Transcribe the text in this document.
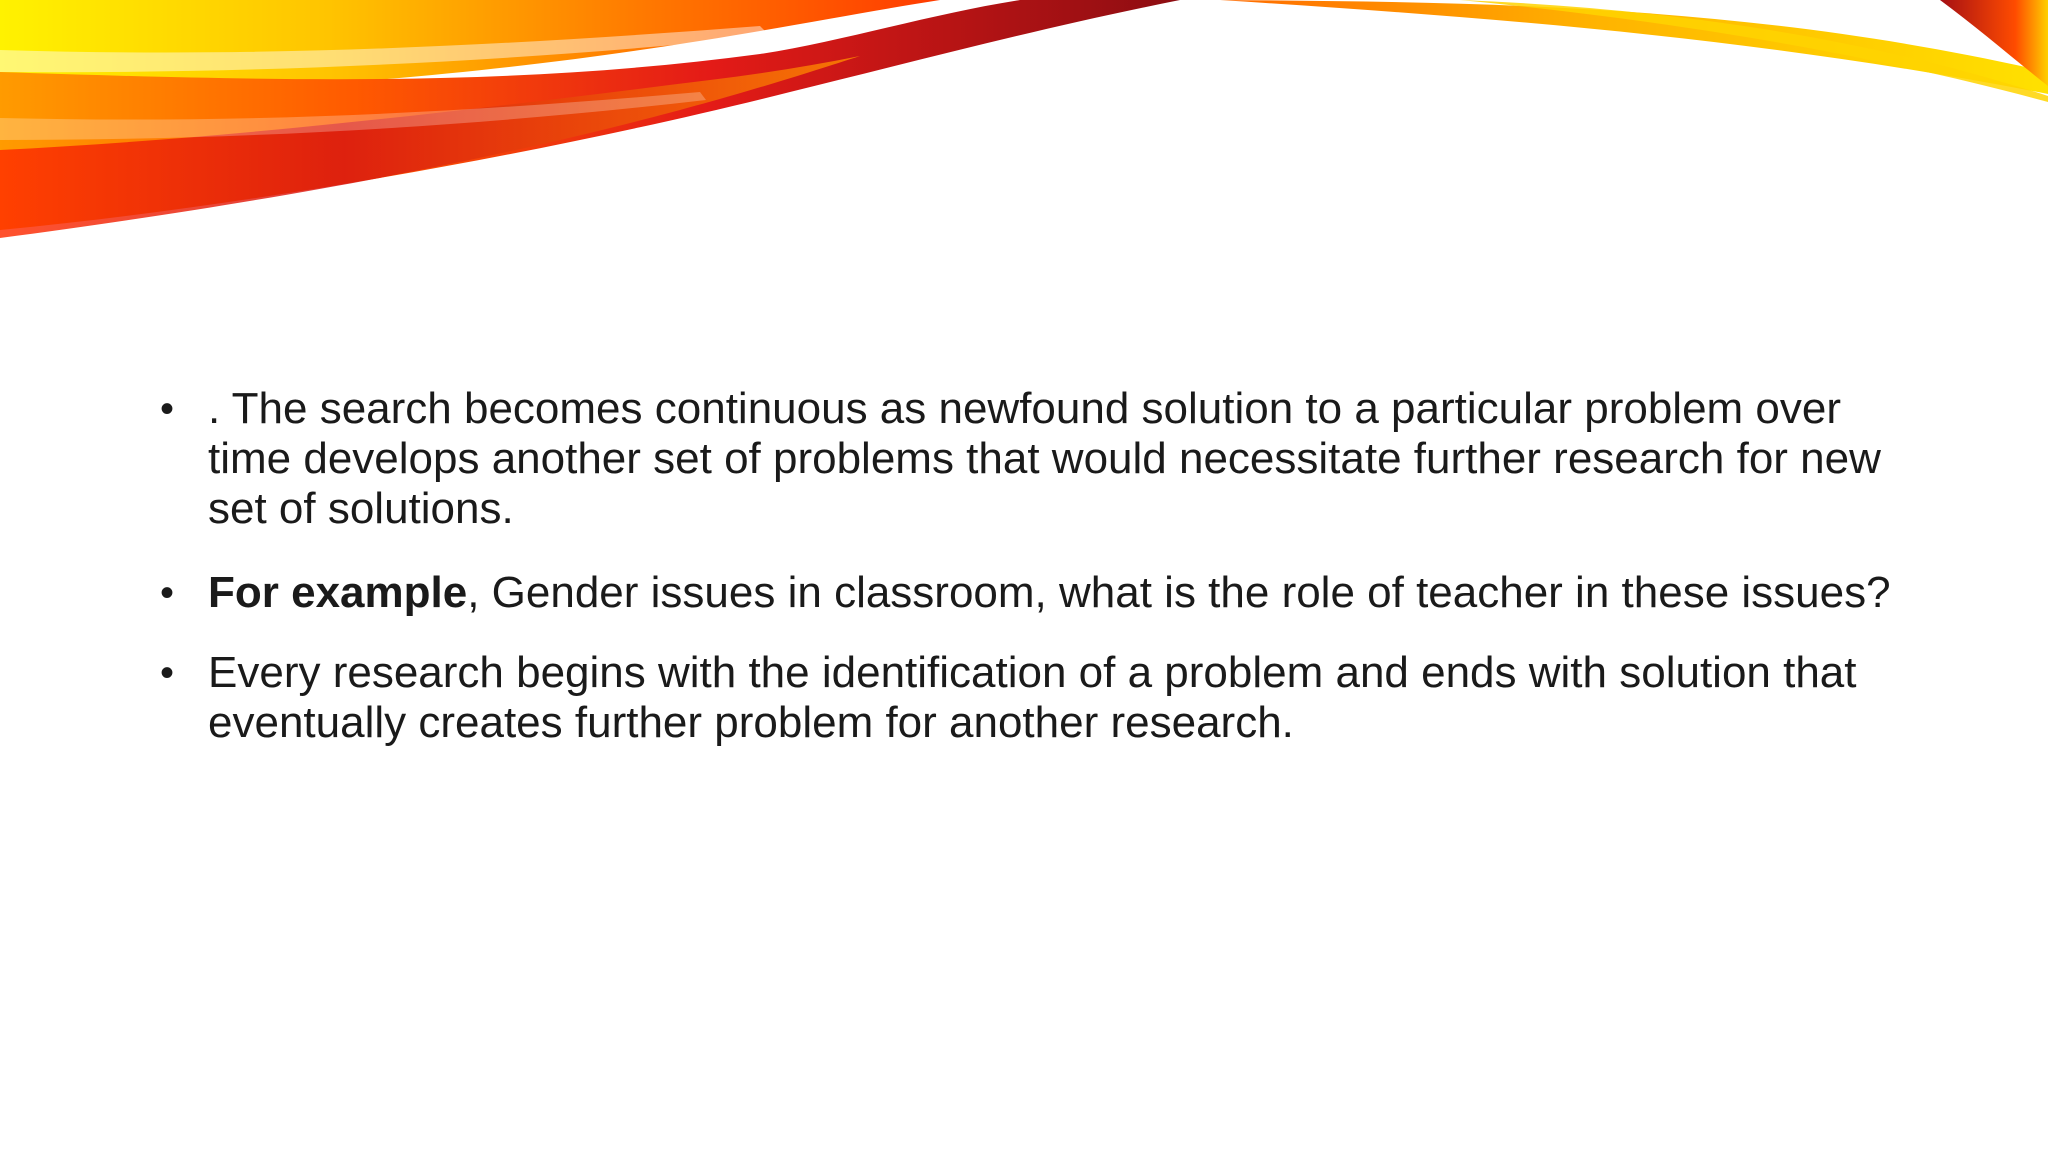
• . The search becomes continuous as newfound solution to a particular problem over time develops another set of problems that would necessitate further research for new set of solutions.
• For example, Gender issues in classroom, what is the role of teacher in these issues?
• Every research begins with the identification of a problem and ends with solution that eventually creates further problem for another research.
